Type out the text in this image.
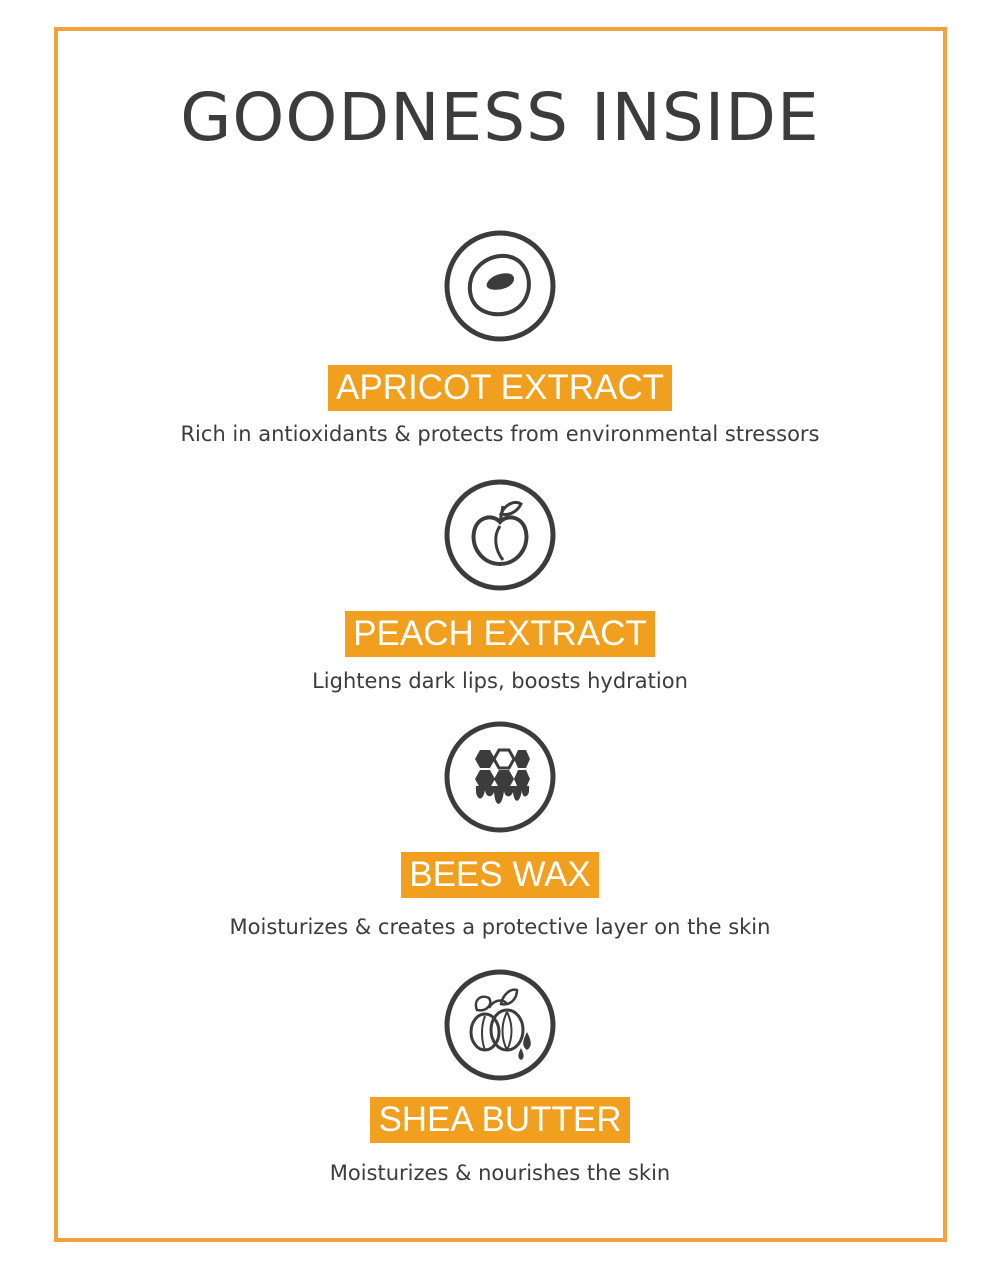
GOODNESS INSIDE
APRICOT EXTRACT
Rich in antioxidants & protects from environmental stressors
PEACH EXTRACT
Lightens dark lips, boosts hydration
BEES WAX
Moisturizes & creates a protective layer on the skin
SHEA BUTTER
Moisturizes & nourishes the skin
